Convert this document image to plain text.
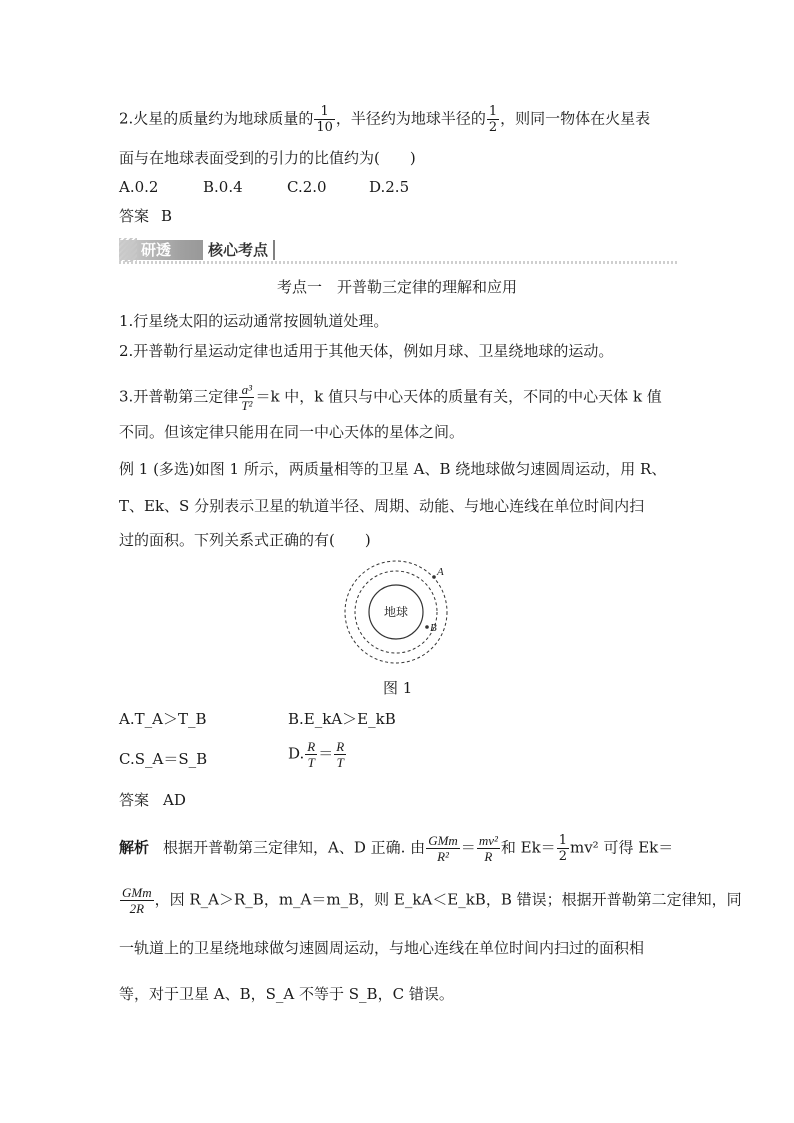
2.火星的质量约为地球质量的 $\frac{1}{10}$ ，半径约为地球半径的 $\frac{1}{2}$ ，则同一物体在火星表
面与在地球表面受到的引力的比值约为(　　)
A.0.2	B.0.4	C.2.0	D.2.5
答案 B
研透	核心考点
考点一　开普勒三定律的理解和应用
1.行星绕太阳的运动通常按圆轨道处理。
2.开普勒行星运动定律也适用于其他天体，例如月球、卫星绕地球的运动。
3.开普勒第三定律 $\frac{\text{a³}}{\text{T²}} =k$ 中，k 值只与中心天体的质量有关，不同的中心天体 k 值
不同。但该定律只能用在同一中心天体的星体之间。
例 1 (多选)如图 1 所示，两质量相等的卫星 A、B 绕地球做匀速圆周运动，用 R、
T、Ek、S 分别表示卫星的轨道半径、周期、动能、与地心连线在单位时间内扫
过的面积。下列关系式正确的有(　　)
地球
A
B
图 1
A.T_A＞T_B	B.E_kA＞E_kB
C.S_A＝S_B	D. $\frac{R}{T} = \frac{R}{T}$
答案 AD
解析 根据开普勒第三定律知，A、D 正确. 由 $\frac{\text{GMm}}{\text{R²}} = \frac{\text{mv²}}{R}$ 和 $Ek= \frac{1}{2} mv^2$ 可得 Ek＝
$\frac{\text{GMm}}{2R}$ ，因 R_A＞R_B，m_A＝m_B，则 E_kA＜E_kB，B 错误；根据开普勒第二定律知，同
一轨道上的卫星绕地球做匀速圆周运动，与地心连线在单位时间内扫过的面积相
等，对于卫星 A、B，S_A 不等于 S_B，C 错误。
